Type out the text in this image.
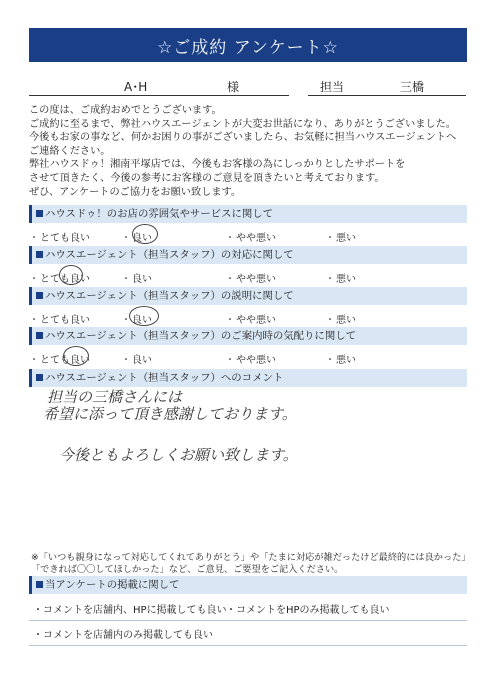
☆ご成約 アンケート☆
A･H	様	担当	三橋

この度は、ご成約おめでとうございます。

ご成約に至るまで、弊社ハウスエージェントが大変お世話になり、ありがとうございました。

今後もお家の事など、何かお困りの事がございましたら、お気軽に担当ハウスエージェントへ

ご連絡ください。

弊社ハウスドゥ！湘南平塚店では、今後もお客様の為にしっかりとしたサポートを

させて頂きたく、今後の参考にお客様のご意見を頂きたいと考えております。

ぜひ、アンケートのご協力をお願い致します。

ハウスドゥ！のお店の雰囲気やサービスに関して
・とても良い	・良い	・やや悪い	・悪い
ハウスエージェント（担当スタッフ）の対応に関して
・とても良い	・良い	・やや悪い	・悪い
ハウスエージェント（担当スタッフ）の説明に関して
・とても良い	・良い	・やや悪い	・悪い
ハウスエージェント（担当スタッフ）のご案内時の気配りに関して
・とても良い	・良い	・やや悪い	・悪い
ハウスエージェント（担当スタッフ）へのコメント
担当の三橋さんには
希望に添って頂き感謝しております。
今後ともよろしくお願い致します。

※「いつも親身になって対応してくれてありがとう」や「たまに対応が雑だったけど最終的には良かった」

「できれば〇〇してほしかった」など、ご意見、ご要望をご記入ください。

当アンケートの掲載に関して
・コメントを店舗内、HPに掲載しても良い ・コメントをHPのみ掲載しても良い
・コメントを店舗内のみ掲載しても良い
